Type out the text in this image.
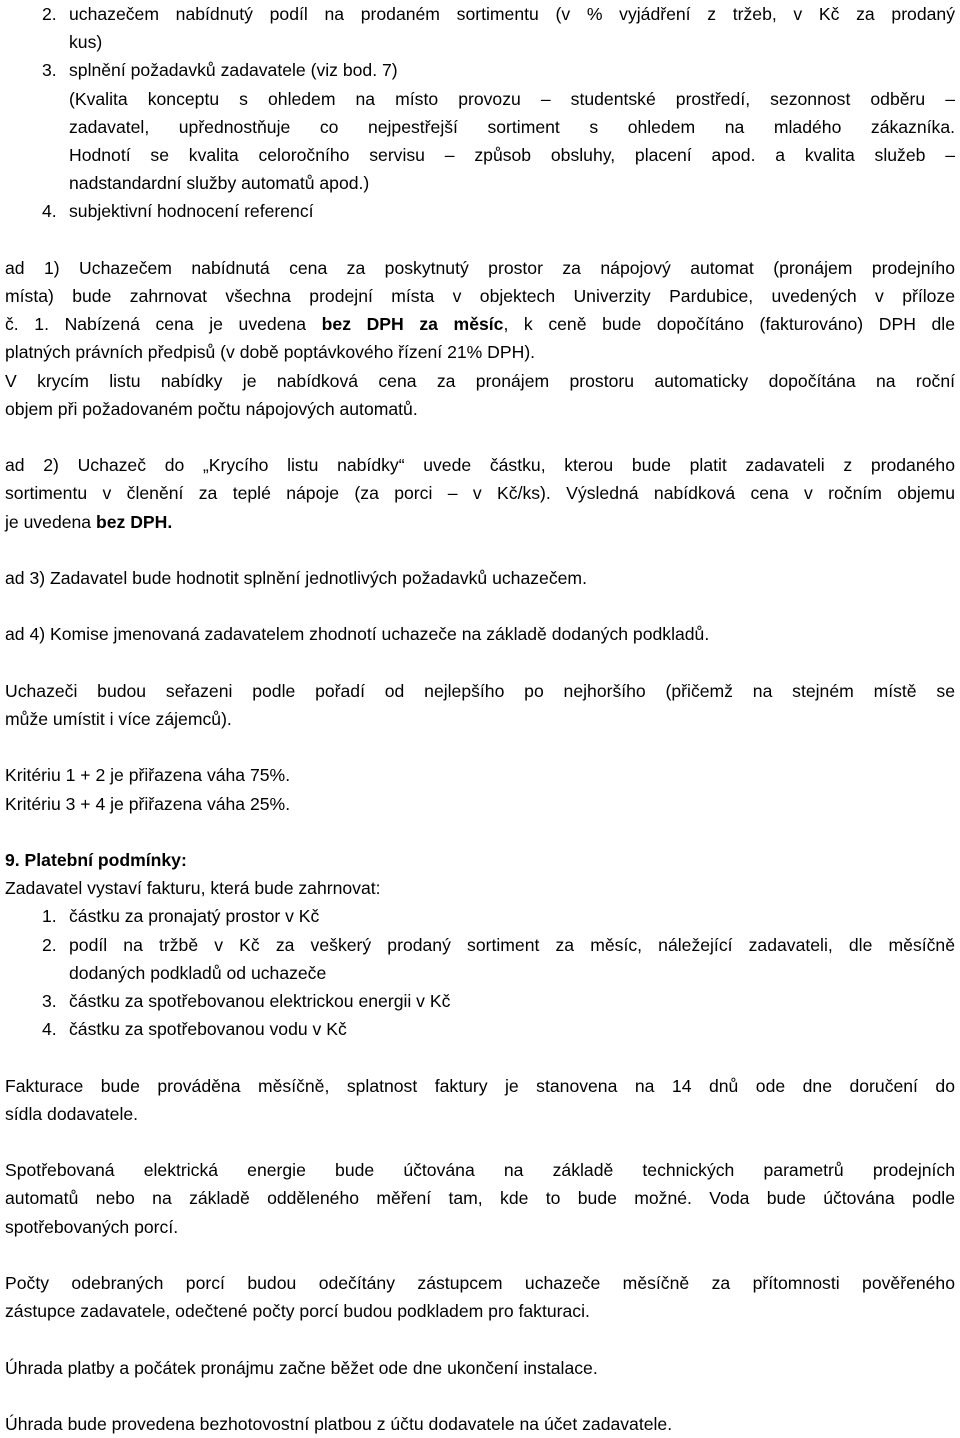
2. uchazečem nabídnutý podíl na prodaném sortimentu (v % vyjádření z tržeb, v Kč za prodaný
kus)
3. splnění požadavků zadavatele (viz bod. 7)
(Kvalita konceptu s ohledem na místo provozu – studentské prostředí, sezonnost odběru –
zadavatel, upřednostňuje co nejpestřejší sortiment s ohledem na mladého zákazníka.
Hodnotí se kvalita celoročního servisu – způsob obsluhy, placení apod. a kvalita služeb –
nadstandardní služby automatů apod.)
4. subjektivní hodnocení referencí
ad 1) Uchazečem nabídnutá cena za poskytnutý prostor za nápojový automat (pronájem prodejního
místa) bude zahrnovat všechna prodejní místa v objektech Univerzity Pardubice, uvedených v příloze
č. 1. Nabízená cena je uvedena bez DPH za měsíc, k ceně bude dopočítáno (fakturováno) DPH dle
platných právních předpisů (v době poptávkového řízení 21% DPH).
V krycím listu nabídky je nabídková cena za pronájem prostoru automaticky dopočítána na roční
objem při požadovaném počtu nápojových automatů.
ad 2) Uchazeč do „Krycího listu nabídky“ uvede částku, kterou bude platit zadavateli z prodaného
sortimentu v členění za teplé nápoje (za porci – v Kč/ks). Výsledná nabídková cena v ročním objemu
je uvedena bez DPH.
ad 3) Zadavatel bude hodnotit splnění jednotlivých požadavků uchazečem.
ad 4) Komise jmenovaná zadavatelem zhodnotí uchazeče na základě dodaných podkladů.
Uchazeči budou seřazeni podle pořadí od nejlepšího po nejhoršího (přičemž na stejném místě se
může umístit i více zájemců).
Kritériu 1 + 2 je přiřazena váha 75%.
Kritériu 3 + 4 je přiřazena váha 25%.
9. Platební podmínky:
Zadavatel vystaví fakturu, která bude zahrnovat:
1. částku za pronajatý prostor v Kč
2. podíl na tržbě v Kč za veškerý prodaný sortiment za měsíc, náležející zadavateli, dle měsíčně
dodaných podkladů od uchazeče
3. částku za spotřebovanou elektrickou energii v Kč
4. částku za spotřebovanou vodu v Kč
Fakturace bude prováděna měsíčně, splatnost faktury je stanovena na 14 dnů ode dne doručení do
sídla dodavatele.
Spotřebovaná elektrická energie bude účtována na základě technických parametrů prodejních
automatů nebo na základě odděleného měření tam, kde to bude možné. Voda bude účtována podle
spotřebovaných porcí.
Počty odebraných porcí budou odečítány zástupcem uchazeče měsíčně za přítomnosti pověřeného
zástupce zadavatele, odečtené počty porcí budou podkladem pro fakturaci.
Úhrada platby a počátek pronájmu začne běžet ode dne ukončení instalace.
Úhrada bude provedena bezhotovostní platbou z účtu dodavatele na účet zadavatele.
